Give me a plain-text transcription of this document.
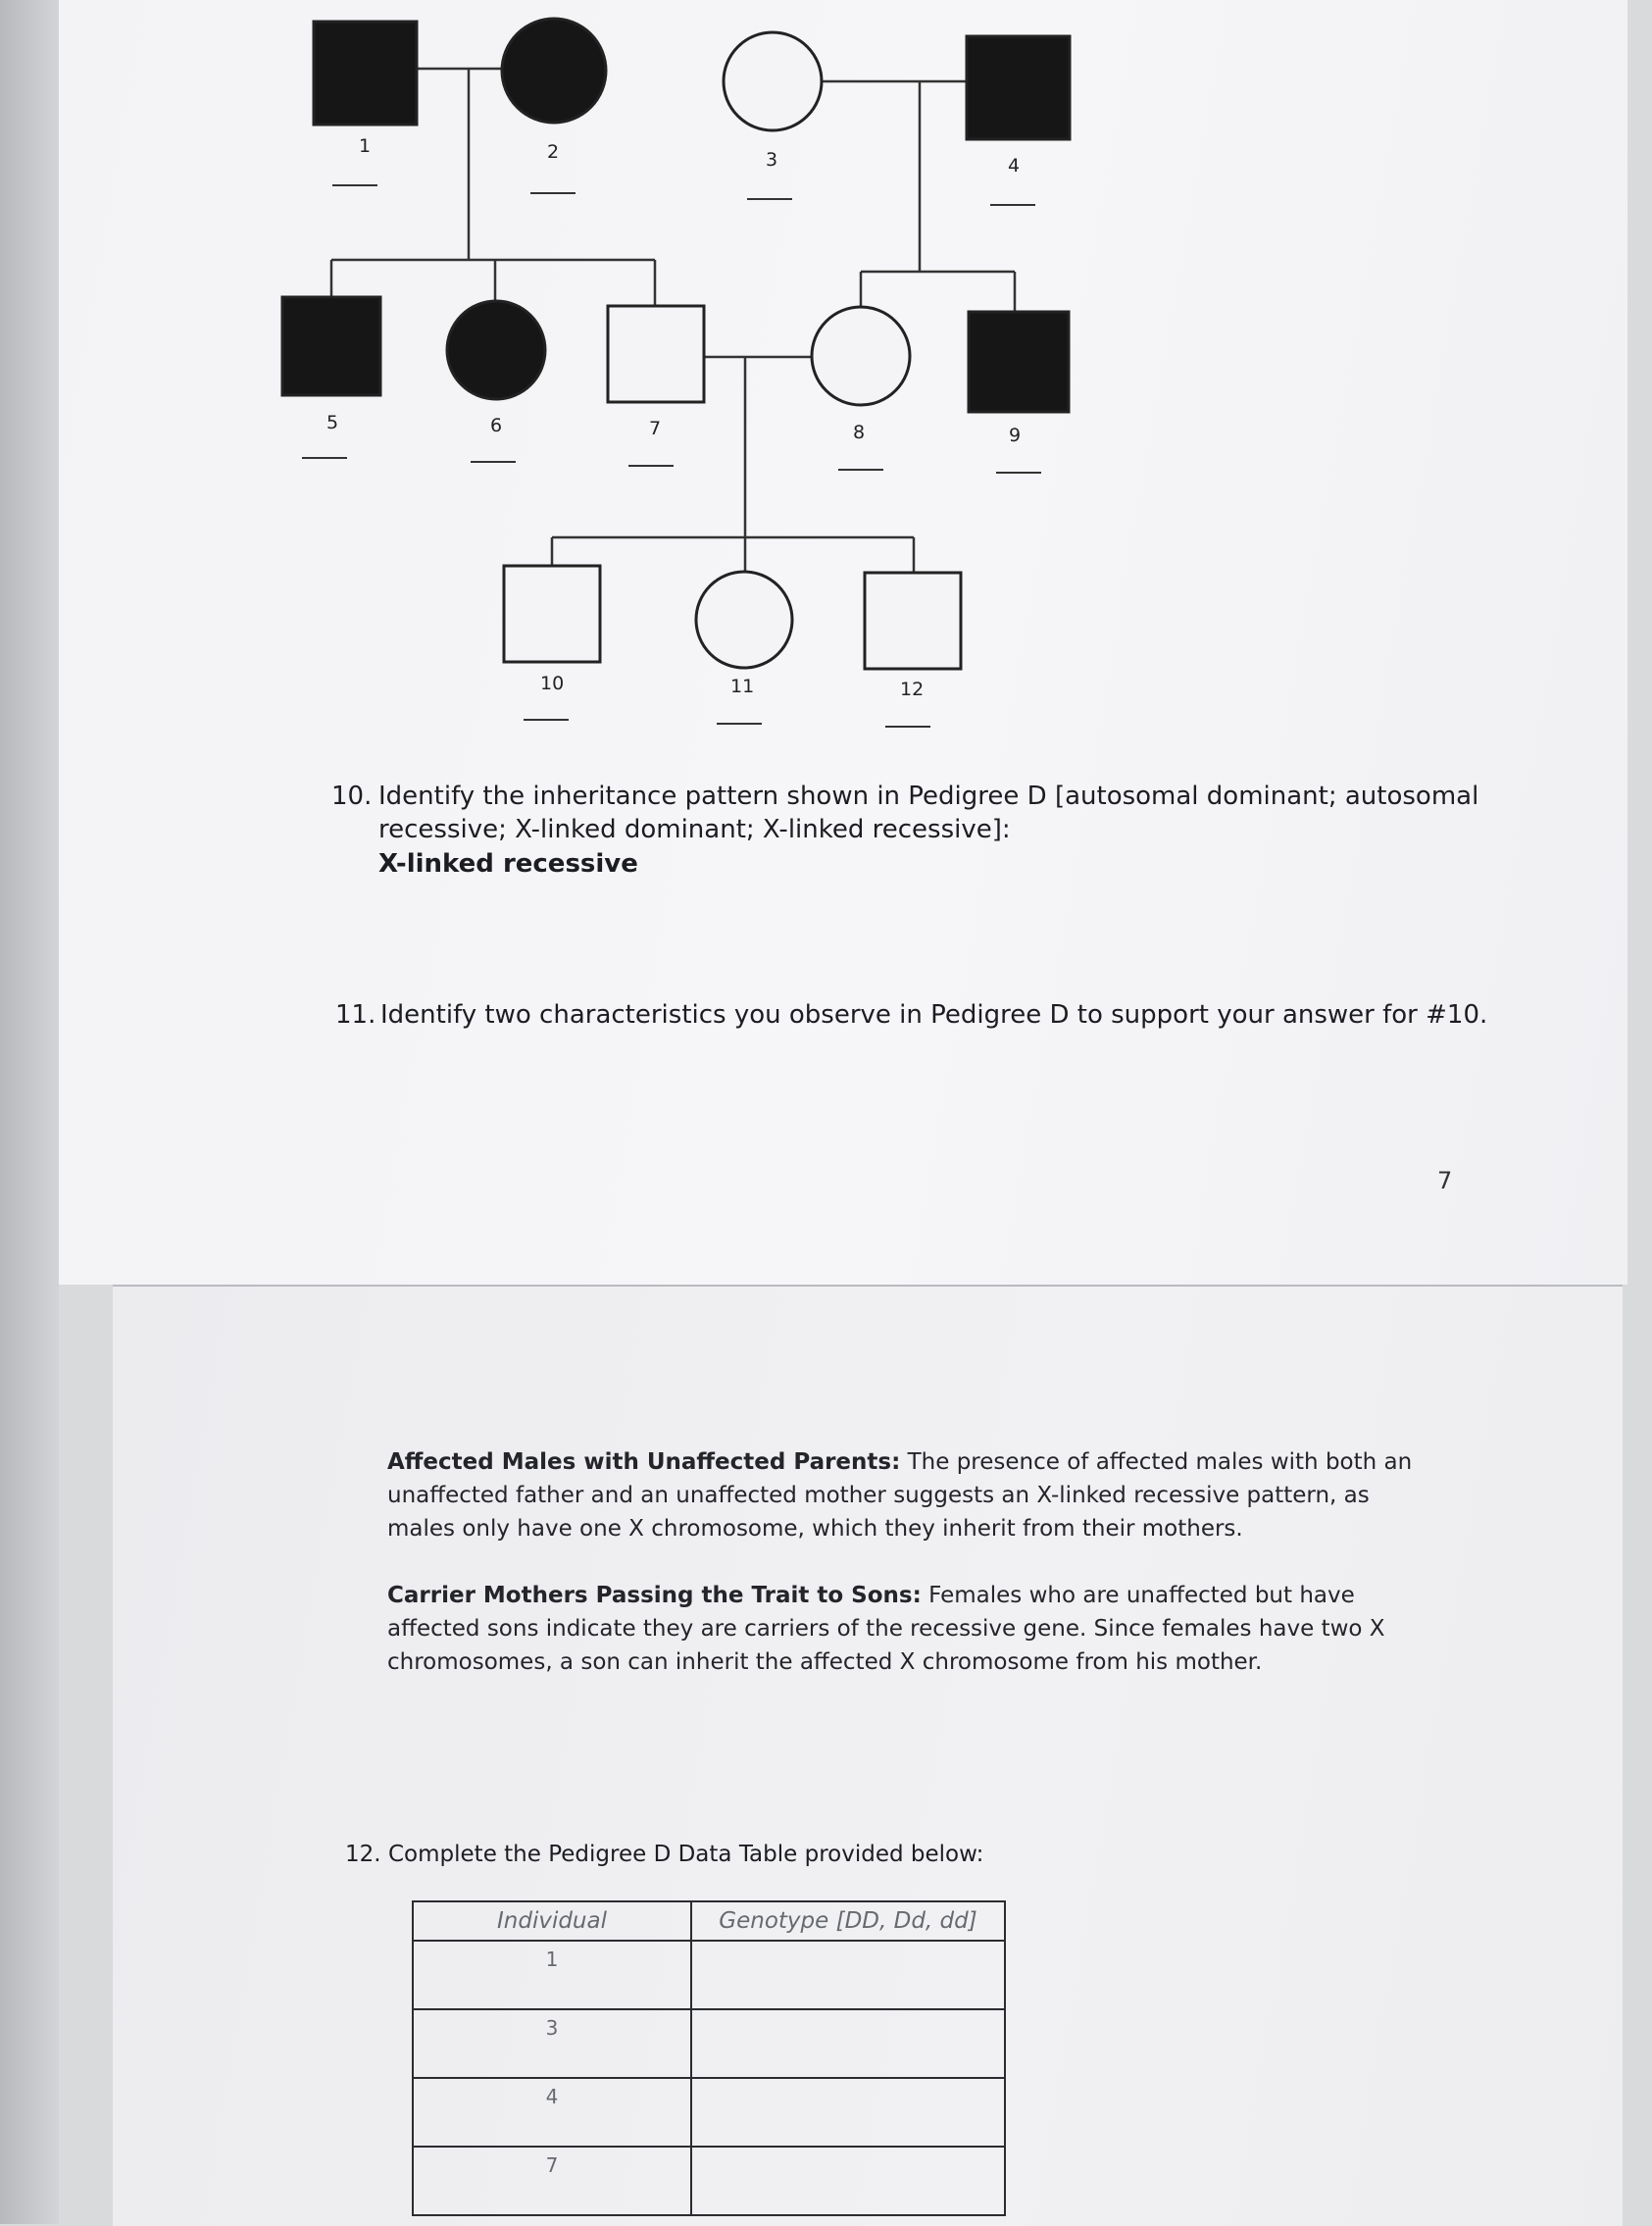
1	2	3	4
5	6	7	8	9
10	11	12
10. Identify the inheritance pattern shown in Pedigree D [autosomal dominant; autosomal
recessive; X-linked dominant; X-linked recessive]:
X-linked recessive
11. Identify two characteristics you observe in Pedigree D to support your answer for #10.
7
Affected Males with Unaffected Parents: The presence of affected males with both an
unaffected father and an unaffected mother suggests an X-linked recessive pattern, as
males only have one X chromosome, which they inherit from their mothers.
Carrier Mothers Passing the Trait to Sons: Females who are unaffected but have
affected sons indicate they are carriers of the recessive gene. Since females have two X
chromosomes, a son can inherit the affected X chromosome from his mother.
12. Complete the Pedigree D Data Table provided below:
Individual	Genotype [DD, Dd, dd]
1	
3	
4	
7	
